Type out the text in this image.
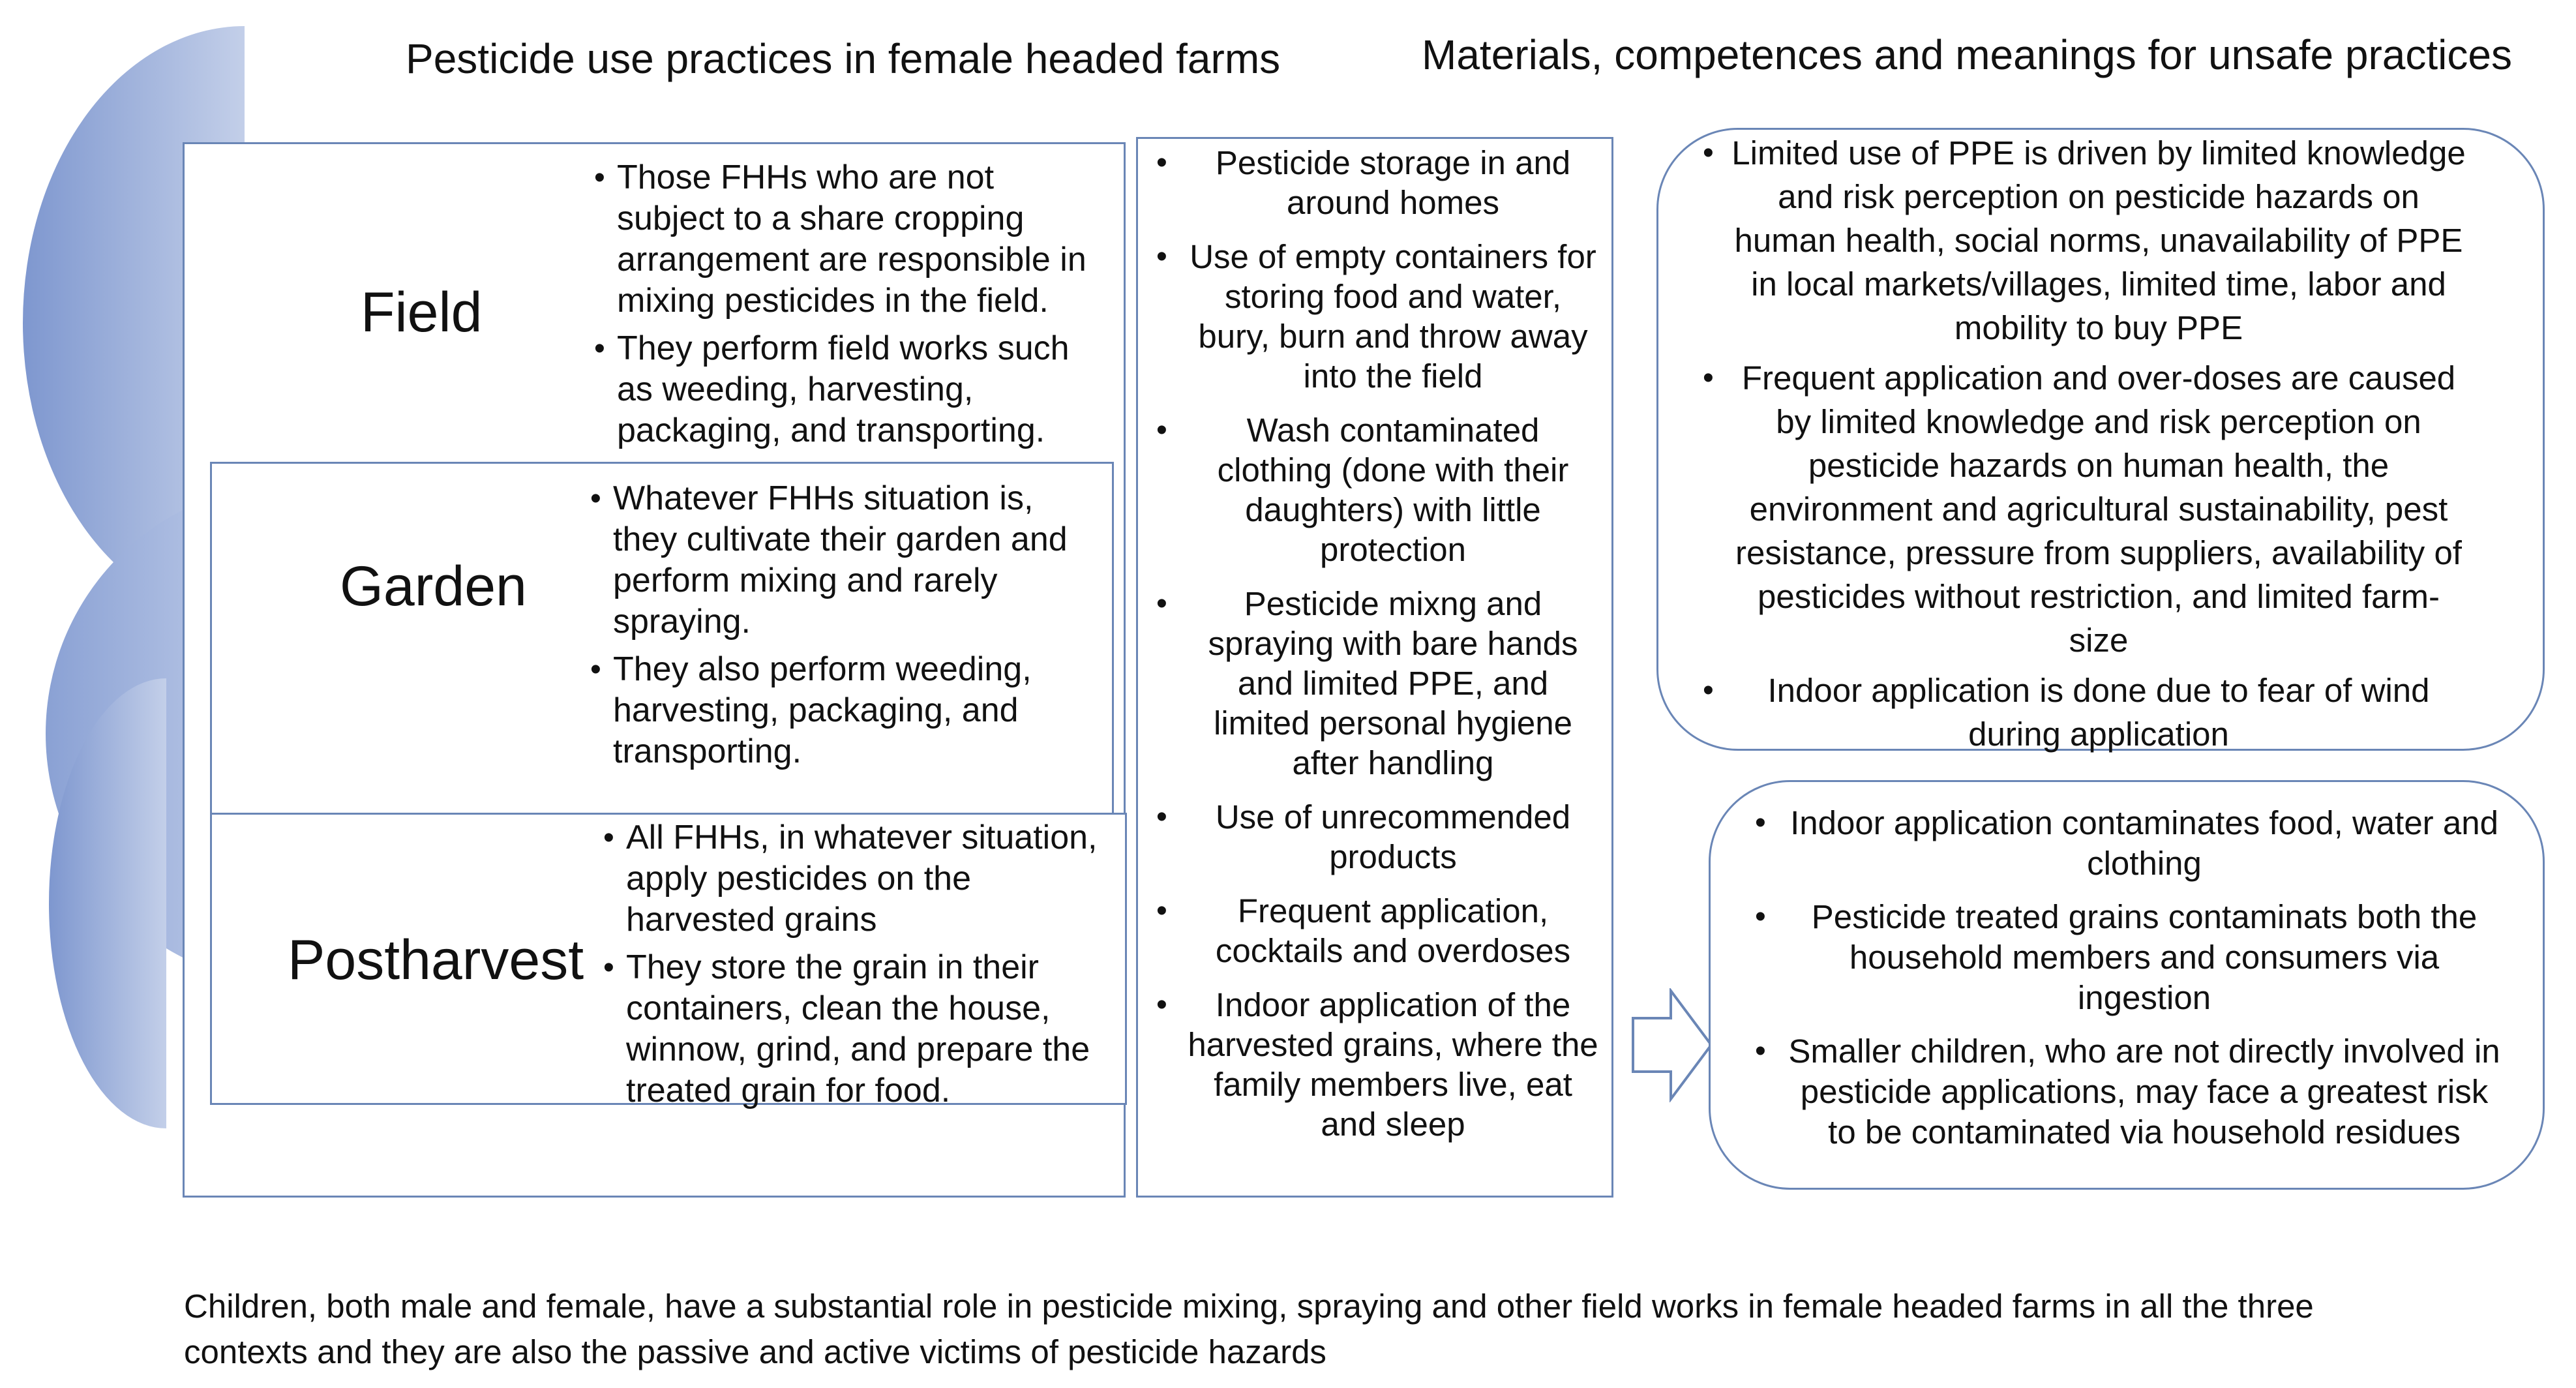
Pesticide use practices in female headed farms	Materials, competences and meanings for unsafe practices
Field
• Those FHHs who are not subject to a share cropping arrangement are responsible in mixing pesticides in the field.
• They perform field works such as weeding, harvesting, packaging, and transporting.
Garden
• Whatever FHHs situation is, they cultivate their garden and perform mixing and rarely spraying.
• They also perform weeding, harvesting, packaging, and transporting.
Postharvest
• All FHHs, in whatever situation, apply pesticides on the harvested grains
• They store the grain in their containers, clean the house, winnow, grind, and prepare the treated grain for food.
• Pesticide storage in and around homes
• Use of empty containers for storing food and water, bury, burn and throw away into the field
• Wash contaminated clothing (done with their daughters) with little protection
• Pesticide mixng and spraying with bare hands and limited PPE, and limited personal hygiene after handling
• Use of unrecommended products
• Frequent application, cocktails and overdoses
• Indoor application of the harvested grains, where the family members live, eat and sleep
• Limited use of PPE is driven by limited knowledge and risk perception on pesticide hazards on human health, social norms, unavailability of PPE in local markets/villages, limited time, labor and mobility to buy PPE
• Frequent application and over-doses are caused by limited knowledge and risk perception on pesticide hazards on human health, the environment and agricultural sustainability, pest resistance, pressure from suppliers, availability of pesticides without restriction, and limited farm-size
• Indoor application is done due to fear of wind during application
• Indoor application contaminates food, water and clothing
• Pesticide treated grains contaminats both the household members and consumers via ingestion
• Smaller children, who are not directly involved in pesticide applications, may face a greatest risk to be contaminated via household residues
Children, both male and female, have a substantial role in pesticide mixing, spraying and other field works in female headed farms in all the three contexts and they are also the passive and active victims of pesticide hazards
